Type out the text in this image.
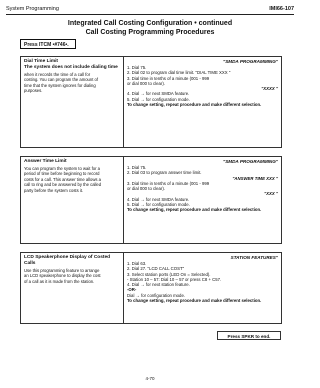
System Programming	IMI66-107
Integrated Call Costing Configuration • continued
Call Costing Programming Procedures
Press ITCM •#746•.
Dial Time Limit
The system does not include dialing time
when it records the time of a call for
costing. You can program the amount of
time that the system ignores for dialing
purposes.
"SMDA PROGRAMMING"
1. Dial 75.
2. Dial 02 to program dial time limit. "DIAL TIME XXX "
3. Dial time in tenths of a minute (001 - 999
or dial 000 to clear).
"XXXX "
4. Dial → for next SMDA feature.
5. Dial → for configuration mode.
To change setting, repeat procedure and make different selection.
Answer Time Limit
You can program the system to wait for a
period of time before beginning to record
costs for a call. This answer time allows a
call to ring and be answered by the called
party before the system costs it.
"SMDA PROGRAMMING"
1. Dial 75.
2. Dial 03 to program answer time limit.
"ANSWER TIME XXX "
3. Dial time in tenths of a minute (001 - 999
or dial 000 to clear).
"XXX "
4. Dial → for next SMDA feature.
5. Dial → for configuration mode.
To change setting, repeat procedure and make different selection.
LCD Speakerphone Display of Costed
Calls
Use this programming feature to arrange
an LCD speakerphone to display the cost
of a call as it is made from the station.
STATION FEATURES"
1. Dial 63.
2. Dial 27. "LCD CALL COST"
3. Select station ports (LED On = Selected).
- Station 10 – 57: Dial 10 – 57 or press C8 + C57.
4. Dial → for next station feature.
-OR-
Dial → for configuration mode.
To change setting, repeat procedure and make different selection.
Press SPKR to end.
4-70
